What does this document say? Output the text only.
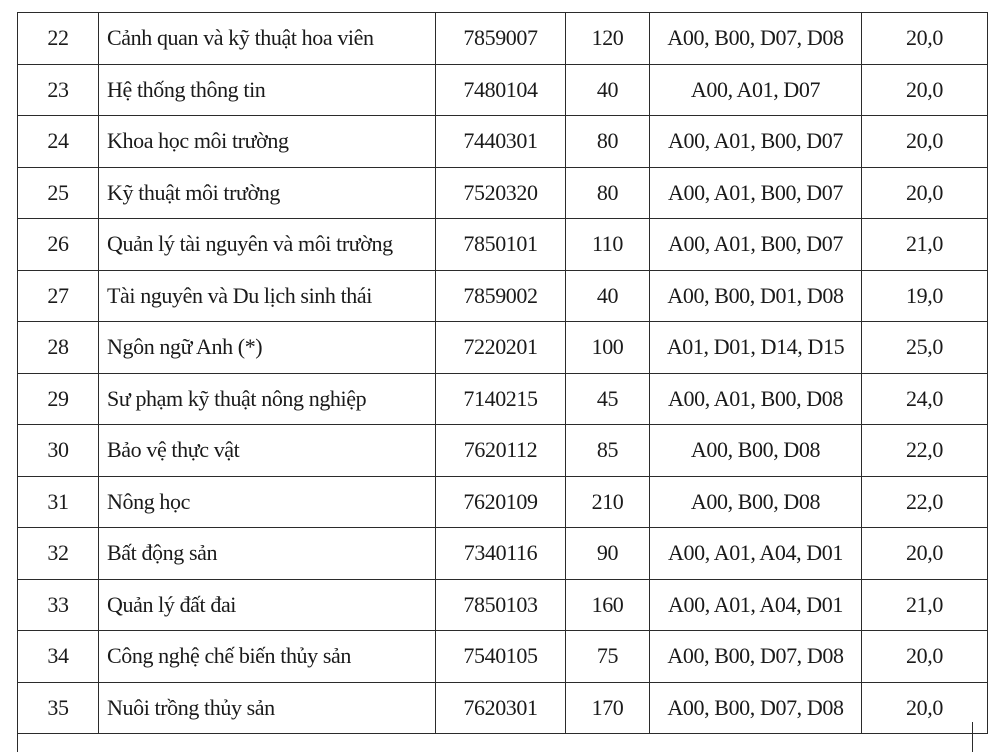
22	Cảnh quan và kỹ thuật hoa viên	7859007	120	A00, B00, D07, D08	20,0
23	Hệ thống thông tin	7480104	40	A00, A01, D07	20,0
24	Khoa học môi trường	7440301	80	A00, A01, B00, D07	20,0
25	Kỹ thuật môi trường	7520320	80	A00, A01, B00, D07	20,0
26	Quản lý tài nguyên và môi trường	7850101	110	A00, A01, B00, D07	21,0
27	Tài nguyên và Du lịch sinh thái	7859002	40	A00, B00, D01, D08	19,0
28	Ngôn ngữ Anh (*)	7220201	100	A01, D01, D14, D15	25,0
29	Sư phạm kỹ thuật nông nghiệp	7140215	45	A00, A01, B00, D08	24,0
30	Bảo vệ thực vật	7620112	85	A00, B00, D08	22,0
31	Nông học	7620109	210	A00, B00, D08	22,0
32	Bất động sản	7340116	90	A00, A01, A04, D01	20,0
33	Quản lý đất đai	7850103	160	A00, A01, A04, D01	21,0
34	Công nghệ chế biến thủy sản	7540105	75	A00, B00, D07, D08	20,0
35	Nuôi trồng thủy sản	7620301	170	A00, B00, D07, D08	20,0
